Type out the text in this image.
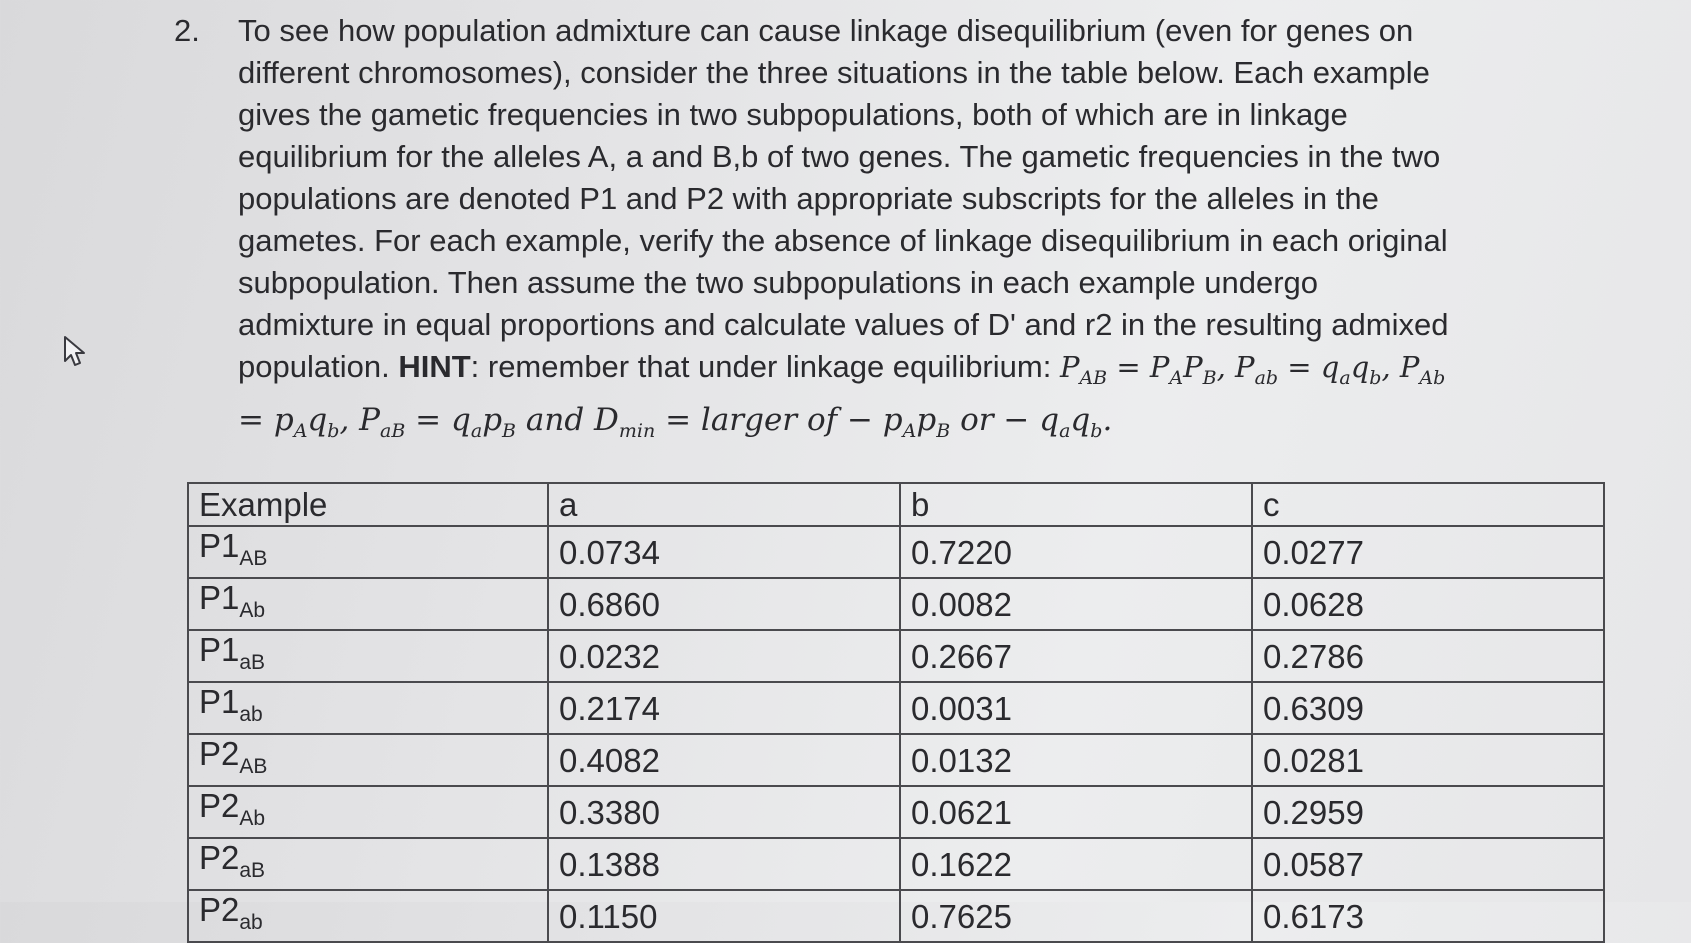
2. To see how population admixture can cause linkage disequilibrium (even for genes on
different chromosomes), consider the three situations in the table below. Each example
gives the gametic frequencies in two subpopulations, both of which are in linkage
equilibrium for the alleles A, a and B,b of two genes. The gametic frequencies in the two
populations are denoted P1 and P2 with appropriate subscripts for the alleles in the
gametes. For each example, verify the absence of linkage disequilibrium in each original
subpopulation. Then assume the two subpopulations in each example undergo
admixture in equal proportions and calculate values of D' and r2 in the resulting admixed
population. HINT: remember that under linkage equilibrium: $P_{AB} = P_AP_B$, $P_{ab} = q_aq_b$, $P_{Ab}$
= $p_Aq_b$, $P_{aB} = q_ap_B$ and $D_{min}$ = larger of − $p_Ap_B$ or − $q_aq_b$.
Example	a	b	c
$P1_{AB}$	0.0734	0.7220	0.0277
$P1_{Ab}$	0.6860	0.0082	0.0628
$P1_{aB}$	0.0232	0.2667	0.2786
$P1_{ab}$	0.2174	0.0031	0.6309
$P2_{AB}$	0.4082	0.0132	0.0281
$P2_{Ab}$	0.3380	0.0621	0.2959
$P2_{aB}$	0.1388	0.1622	0.0587
$P2_{ab}$	0.1150	0.7625	0.6173
